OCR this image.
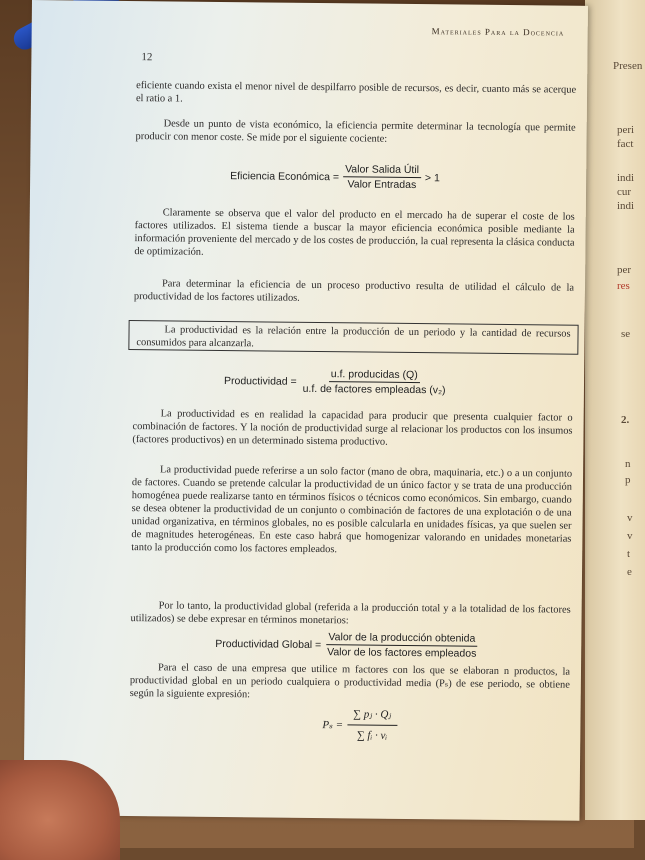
Presen
peri
fact
indi
cur
indi
per
res
se
2.
n
p
v
v
t
e
Materiales Para la Docencia
12

eficiente cuando exista el menor nivel de despilfarro posible de recursos, es decir, cuanto más se acerque el ratio a 1.

Desde un punto de vista económico, la eficiencia permite determinar la tecnología que permite producir con menor coste. Se mide por el siguiente cociente:

Eficiencia Económica = $\frac{\text{Valor Salida Útil}}{\text{Valor Entradas}} > 1$

Claramente se observa que el valor del producto en el mercado ha de superar el coste de los factores utilizados. El sistema tiende a buscar la mayor eficiencia económica posible mediante la información proveniente del mercado y de los costes de producción, la cual representa la clásica conducta de optimización.

Para determinar la eficiencia de un proceso productivo resulta de utilidad el cálculo de la productividad de los factores utilizados.

La productividad es la relación entre la producción de un periodo y la cantidad de recursos consumidos para alcanzarla.

Productividad = $\frac{\text{u.f. producidas (Q)}}{\text{u.f. de factores empleadas (v₂)}}$

La productividad es en realidad la capacidad para producir que presenta cualquier factor o combinación de factores. Y la noción de productividad surge al relacionar los productos con los insumos (factores productivos) en un determinado sistema productivo.

La productividad puede referirse a un solo factor (mano de obra, maquinaria, etc.) o a un conjunto de factores. Cuando se pretende calcular la productividad de un único factor y se trata de una producción homogénea puede realizarse tanto en términos físicos o técnicos como económicos. Sin embargo, cuando se desea obtener la productividad de un conjunto o combinación de factores de una explotación o de una unidad organizativa, en términos globales, no es posible calcularla en unidades físicas, ya que suelen ser de magnitudes heterogéneas. En este caso habrá que homogenizar valorando en unidades monetarias tanto la producción como los factores empleados.

Por lo tanto, la productividad global (referida a la producción total y a la totalidad de los factores utilizados) se debe expresar en términos monetarios:

Productividad Global = $\frac{\text{Valor de la producción obtenida}}{\text{Valor de los factores empleados}}$

Para el caso de una empresa que utilice m factores con los que se elaboran n productos, la productividad global en un periodo cualquiera o productividad media (Pₛ) de ese periodo, se obtiene según la siguiente expresión:

$P_s = \frac{\text{∑ pⱼ · Qⱼ}}{\text{∑ fᵢ · vᵢ}}$
